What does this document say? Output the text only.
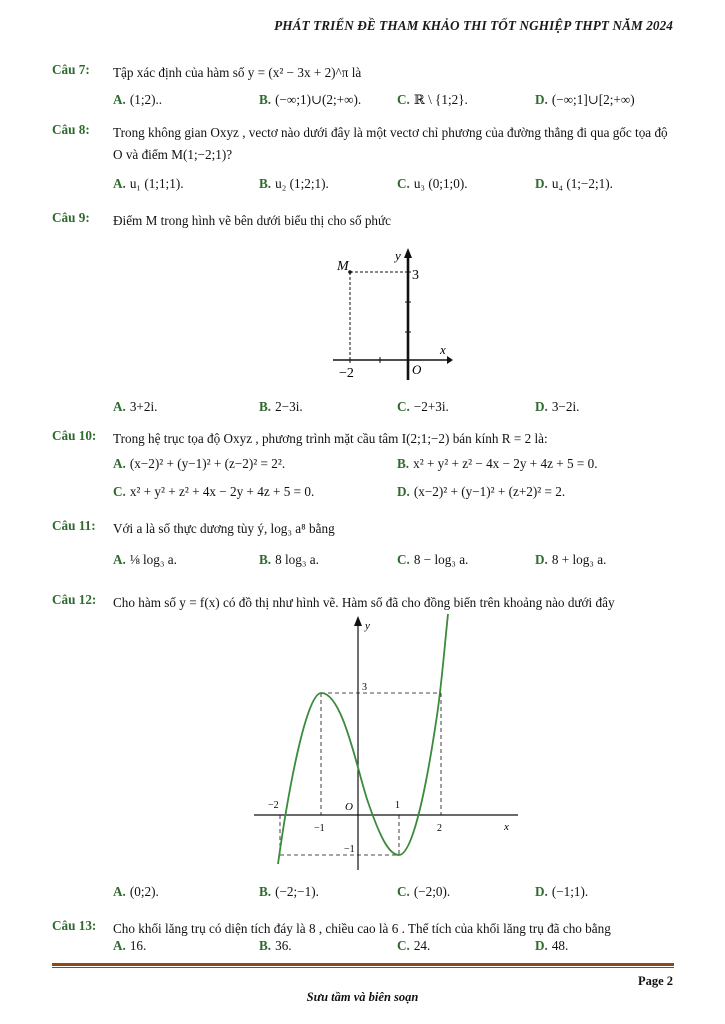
PHÁT TRIỂN ĐỀ THAM KHẢO THI TỐT NGHIỆP THPT NĂM 2024
Câu 7: Tập xác định của hàm số y = (x² − 3x + 2)^π là
A. (1;2)..	B. (−∞;1)∪(2;+∞).	C. ℝ \ {1;2}.	D. (−∞;1]∪[2;+∞)
Câu 8: Trong không gian Oxyz , vectơ nào dưới đây là một vectơ chỉ phương của đường thẳng đi qua gốc tọa độ O và điểm M(1;−2;1)?
A. u₁ (1;1;1).	B. u₂ (1;2;1).	C. u₃ (0;1;0).	D. u₄ (1;−2;1).
Câu 9: Điểm M trong hình vẽ bên dưới biểu thị cho số phức
M
y
x
O
−2
3
A. 3+2i.	B. 2−3i.	C. −2+3i.	D. 3−2i.
Câu 10: Trong hệ trục tọa độ Oxyz , phương trình mặt cầu tâm I(2;1;−2) bán kính R = 2 là:
A. (x−2)² + (y−1)² + (z−2)² = 2².	B. x² + y² + z² − 4x − 2y + 4z + 5 = 0.
C. x² + y² + z² + 4x − 2y + 4z + 5 = 0.	D. (x−2)² + (y−1)² + (z+2)² = 2.
Câu 11: Với a là số thực dương tùy ý, log₃ a⁸ bằng
A. ⅛ log₃ a.	B. 8 log₃ a.	C. 8 − log₃ a.	D. 8 + log₃ a.
Câu 12: Cho hàm số y = f(x) có đồ thị như hình vẽ. Hàm số đã cho đồng biến trên khoảng nào dưới đây
y
x
O
−2
−1
1
2
3
−1
A. (0;2).	B. (−2;−1).	C. (−2;0).	D. (−1;1).
Câu 13: Cho khối lăng trụ có diện tích đáy là 8 , chiều cao là 6 . Thể tích của khối lăng trụ đã cho bằng
A. 16.	B. 36.	C. 24.	D. 48.
Page 2
Sưu tầm và biên soạn
